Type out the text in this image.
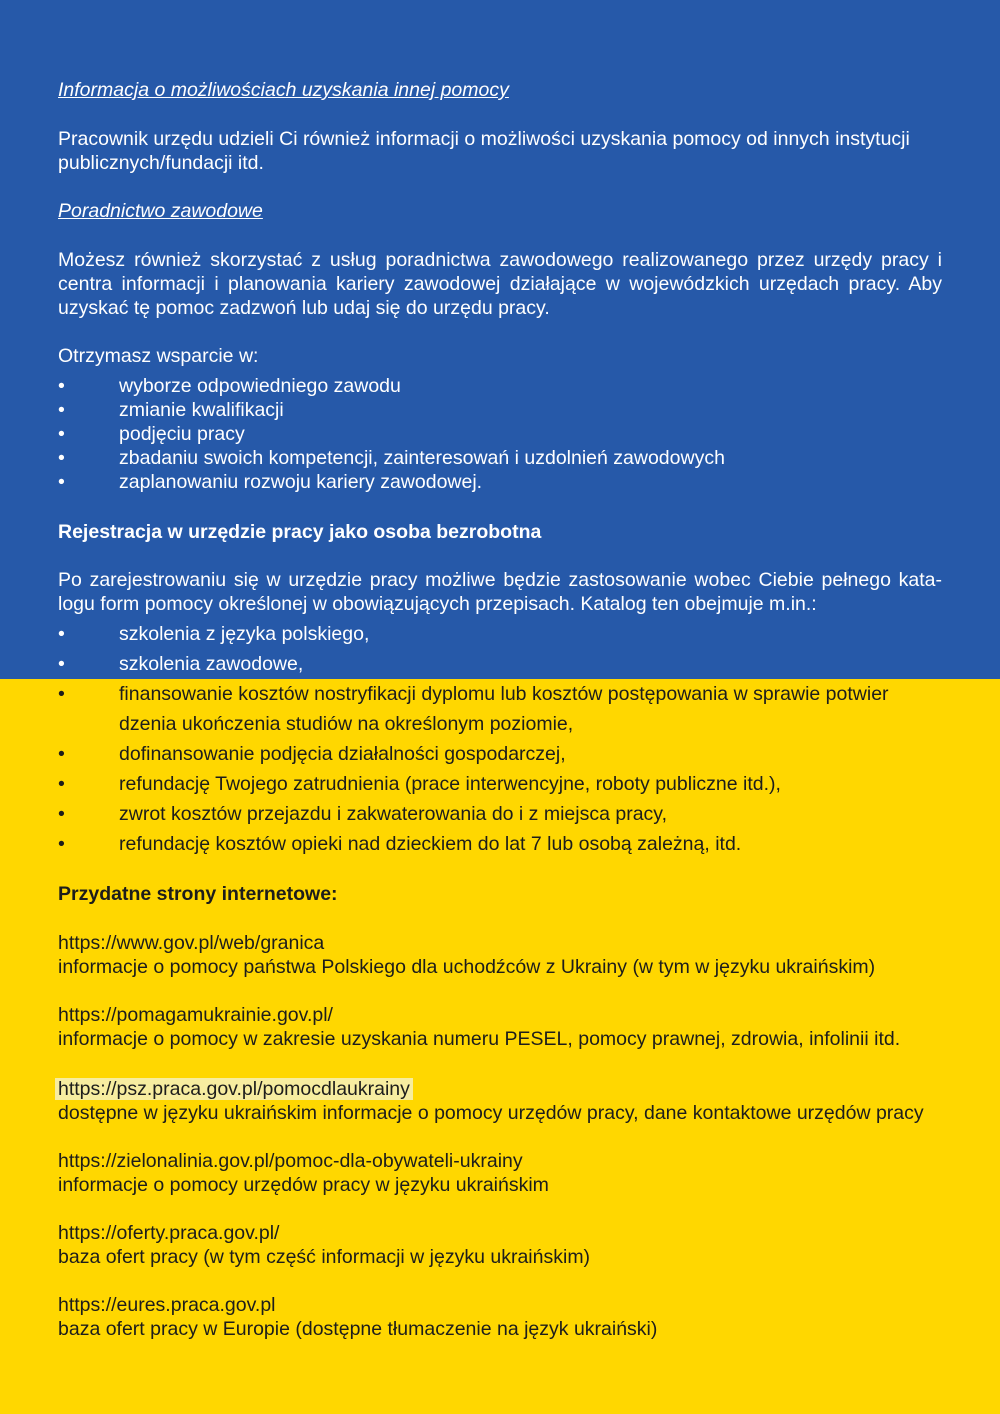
Informacja o możliwościach uzyskania innej pomocy
Pracownik urzędu udzieli Ci również informacji o możliwości uzyskania pomocy od innych instytucji publicznych/fundacji itd.
Poradnictwo zawodowe
Możesz również skorzystać z usług poradnictwa zawodowego realizowanego przez urzędy pracy i centra informacji i planowania kariery zawodowej działające w wojewódzkich urzędach pracy. Aby uzyskać tę pomoc zadzwoń lub udaj się do urzędu pracy.
Otrzymasz wsparcie w:
•	wyborze odpowiedniego zawodu
•	zmianie kwalifikacji
•	podjęciu pracy
•	zbadaniu swoich kompetencji, zainteresowań i uzdolnień zawodowych
•	zaplanowaniu rozwoju kariery zawodowej.
Rejestracja w urzędzie pracy jako osoba bezrobotna
Po zarejestrowaniu się w urzędzie pracy możliwe będzie zastosowanie wobec Ciebie pełnego kata-logu form pomocy określonej w obowiązujących przepisach. Katalog ten obejmuje m.in.:
•	szkolenia z języka polskiego,
•	szkolenia zawodowe,
•	finansowanie kosztów nostryfikacji dyplomu lub kosztów postępowania w sprawie potwier dzenia ukończenia studiów na określonym poziomie,
•	dofinansowanie podjęcia działalności gospodarczej,
•	refundację Twojego zatrudnienia (prace interwencyjne, roboty publiczne itd.),
•	zwrot kosztów przejazdu i zakwaterowania do i z miejsca pracy,
•	refundację kosztów opieki nad dzieckiem do lat 7 lub osobą zależną, itd.
Przydatne strony internetowe:
https://www.gov.pl/web/granica
informacje o pomocy państwa Polskiego dla uchodźców z Ukrainy (w tym w języku ukraińskim)
https://pomagamukrainie.gov.pl/
informacje o pomocy w zakresie uzyskania numeru PESEL, pomocy prawnej, zdrowia, infolinii itd.
https://psz.praca.gov.pl/pomocdlaukrainy
dostępne w języku ukraińskim informacje o pomocy urzędów pracy, dane kontaktowe urzędów pracy
https://zielonalinia.gov.pl/pomoc-dla-obywateli-ukrainy
informacje o pomocy urzędów pracy w języku ukraińskim
https://oferty.praca.gov.pl/
baza ofert pracy (w tym część informacji w języku ukraińskim)
https://eures.praca.gov.pl
baza ofert pracy w Europie (dostępne tłumaczenie na język ukraiński)
